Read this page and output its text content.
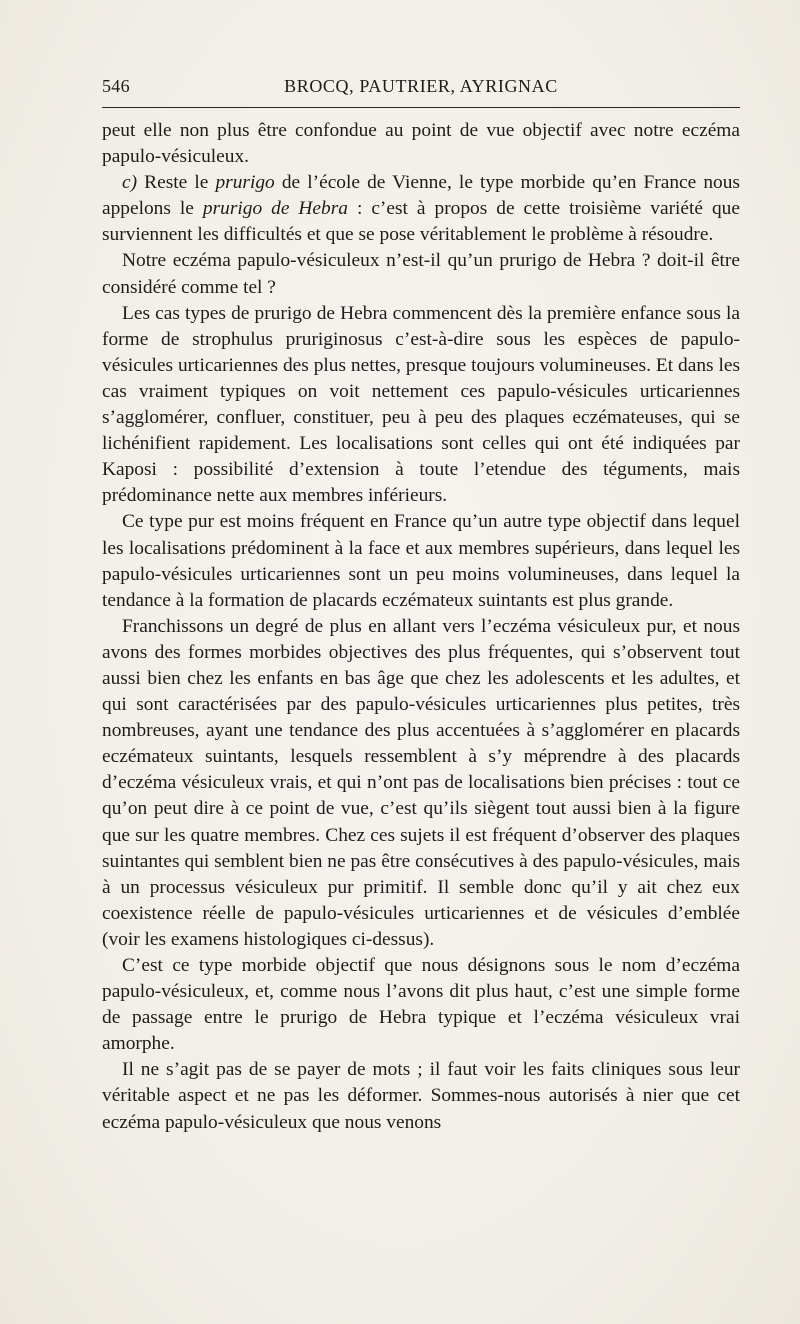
546	BROCQ, PAUTRIER, AYRIGNAC

peut elle non plus être confondue au point de vue objectif avec notre eczéma papulo-vésiculeux.

c) Reste le prurigo de l’école de Vienne, le type morbide qu’en France nous appelons le prurigo de Hebra : c’est à propos de cette troisième variété que surviennent les difficultés et que se pose véritablement le problème à résoudre.

Notre eczéma papulo-vésiculeux n’est-il qu’un prurigo de Hebra ? doit-il être considéré comme tel ?

Les cas types de prurigo de Hebra commencent dès la première enfance sous la forme de strophulus pruriginosus c’est-à-dire sous les espèces de papulo-vésicules urticariennes des plus nettes, presque toujours volumineuses. Et dans les cas vraiment typiques on voit nettement ces papulo-vésicules urticariennes s’agglomérer, confluer, constituer, peu à peu des plaques eczémateuses, qui se lichénifient rapidement. Les localisations sont celles qui ont été indiquées par Kaposi : possibilité d’extension à toute l’etendue des téguments, mais prédominance nette aux membres inférieurs.

Ce type pur est moins fréquent en France qu’un autre type objectif dans lequel les localisations prédominent à la face et aux membres supérieurs, dans lequel les papulo-vésicules urticariennes sont un peu moins volumineuses, dans lequel la tendance à la formation de placards eczémateux suintants est plus grande.

Franchissons un degré de plus en allant vers l’eczéma vésiculeux pur, et nous avons des formes morbides objectives des plus fréquentes, qui s’observent tout aussi bien chez les enfants en bas âge que chez les adolescents et les adultes, et qui sont caractérisées par des papulo-vésicules urticariennes plus petites, très nombreuses, ayant une tendance des plus accentuées à s’agglomérer en placards eczémateux suintants, lesquels ressemblent à s’y méprendre à des placards d’eczéma vésiculeux vrais, et qui n’ont pas de localisations bien précises : tout ce qu’on peut dire à ce point de vue, c’est qu’ils siègent tout aussi bien à la figure que sur les quatre membres. Chez ces sujets il est fréquent d’observer des plaques suintantes qui semblent bien ne pas être consécutives à des papulo-vésicules, mais à un processus vésiculeux pur primitif. Il semble donc qu’il y ait chez eux coexistence réelle de papulo-vésicules urticariennes et de vésicules d’emblée (voir les examens histologiques ci-dessus).

C’est ce type morbide objectif que nous désignons sous le nom d’eczéma papulo-vésiculeux, et, comme nous l’avons dit plus haut, c’est une simple forme de passage entre le prurigo de Hebra typique et l’eczéma vésiculeux vrai amorphe.

Il ne s’agit pas de se payer de mots ; il faut voir les faits cliniques sous leur véritable aspect et ne pas les déformer. Sommes-nous autorisés à nier que cet eczéma papulo-vésiculeux que nous venons
